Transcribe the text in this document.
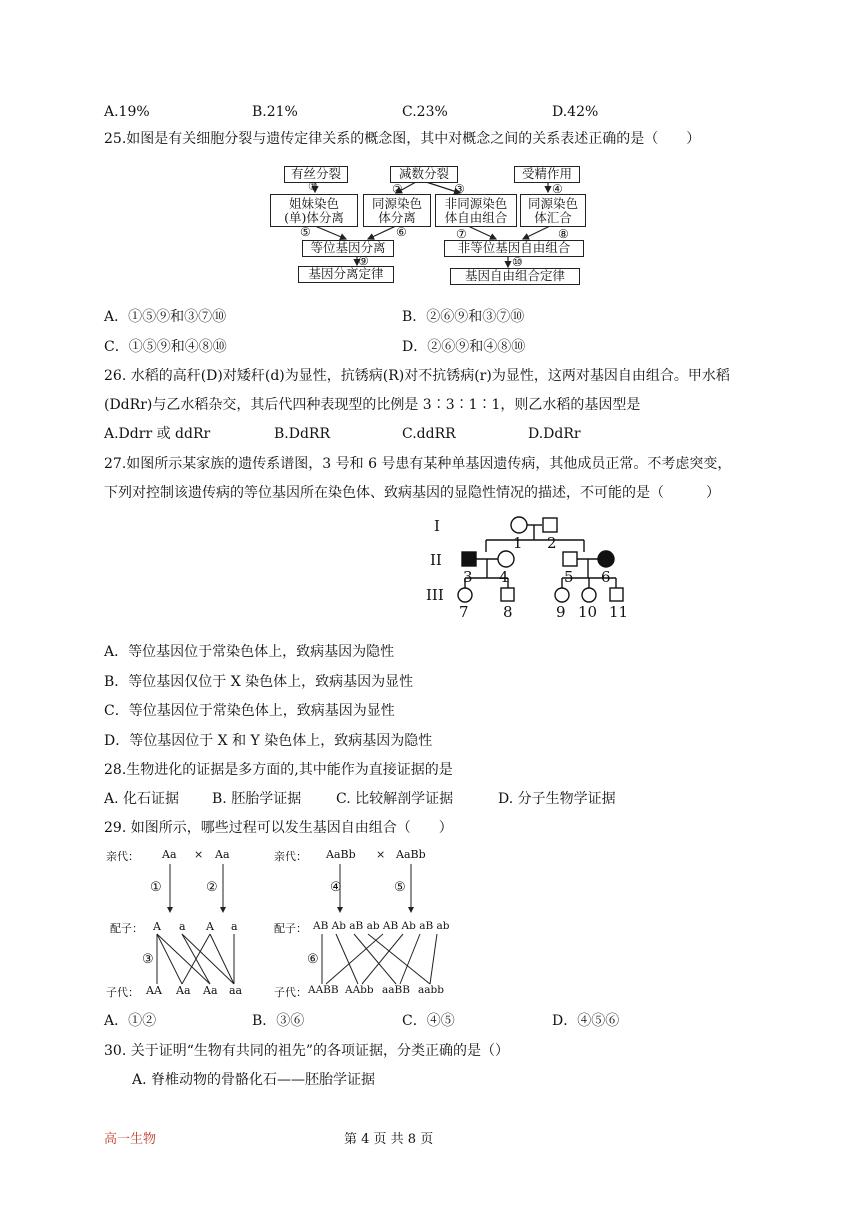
A.19%	B.21%	C.23%	D.42%
25.如图是有关细胞分裂与遗传定律关系的概念图，其中对概念之间的关系表述正确的是（　　）
有丝分裂	减数分裂	受精作用
姐妹染色
(单)体分离
同源染色
体分离
非同源染色
体自由组合
同源染色
体汇合
等位基因分离	非等位基因自由组合
基因分离定律	基因自由组合定律
①	②	③	④
⑤	⑥	⑦	⑧
⑨	⑩
A．①⑤⑨和③⑦⑩	B．②⑥⑨和③⑦⑩
C．①⑤⑨和④⑧⑩	D．②⑥⑨和④⑧⑩
26. 水稻的高秆(D)对矮秆(d)为显性，抗锈病(R)对不抗锈病(r)为显性，这两对基因自由组合。甲水稻
(DdRr)与乙水稻杂交，其后代四种表现型的比例是 3∶3∶1∶1，则乙水稻的基因型是
A.Ddrr 或 ddRr	B.DdRR	C.ddRR	D.DdRr
27.如图所示某家族的遗传系谱图，3 号和 6 号患有某种单基因遗传病，其他成员正常。不考虑突变，
下列对控制该遗传病的等位基因所在染色体、致病基因的显隐性情况的描述，不可能的是（　　　）
I
II
III
1 2
3 4	5 6
7 8	9 10 11
A．等位基因位于常染色体上，致病基因为隐性
B．等位基因仅位于 X 染色体上，致病基因为显性
C．等位基因位于常染色体上，致病基因为显性
D．等位基因位于 X 和 Y 染色体上，致病基因为隐性
28.生物进化的证据是多方面的,其中能作为直接证据的是
A. 化石证据 B. 胚胎学证据 C. 比较解剖学证据	D. 分子生物学证据
29. 如图所示，哪些过程可以发生基因自由组合（　　）
亲代： Aa × Aa	亲代： AaBb × AaBb
①	②	④	⑤
配子： A a A a	配子： AB Ab aB ab AB Ab aB ab
③	⑥
子代： AA Aa Aa aa	子代： AABB AAbb aaBB aabb
A．①②	B．③⑥	C．④⑤	D．④⑤⑥
30. 关于证明“生物有共同的祖先”的各项证据，分类正确的是（）
A. 脊椎动物的骨骼化石——胚胎学证据
高一生物	第 4 页 共 8 页
